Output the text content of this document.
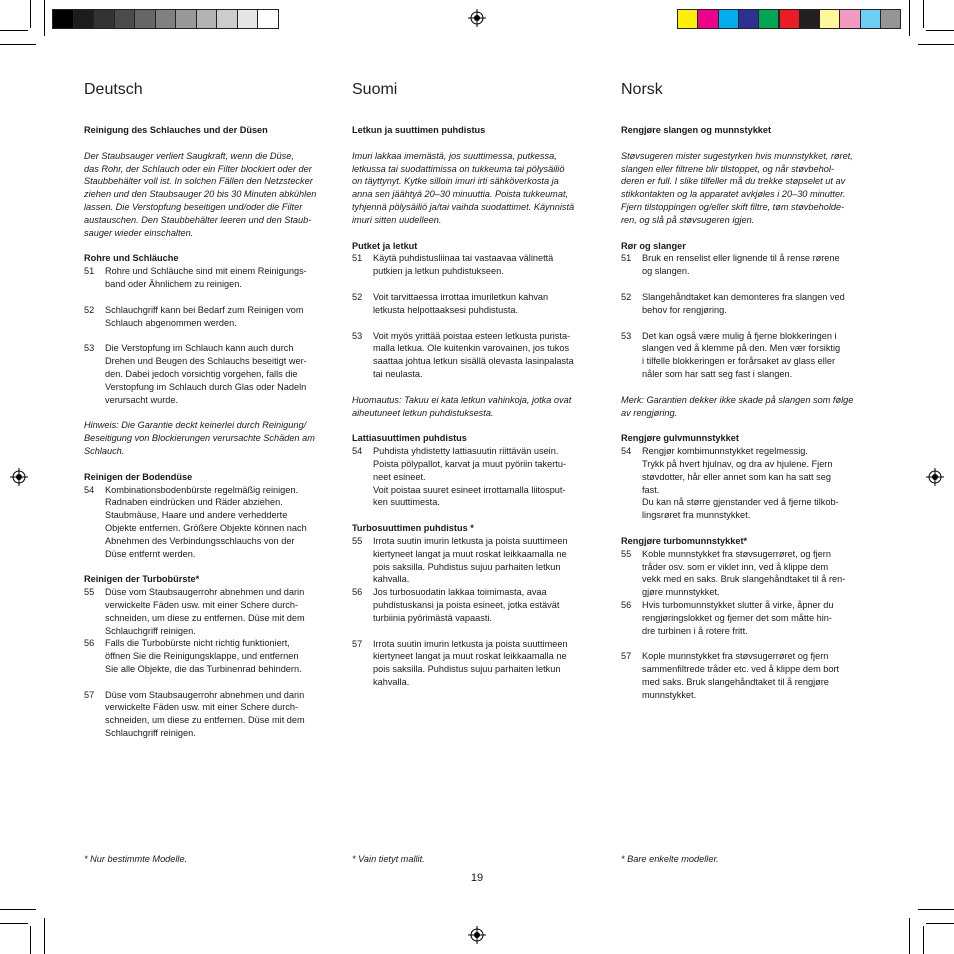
Deutsch

Reinigung des Schlauches und der Düsen

Der Staubsauger verliert Saugkraft, wenn die Düse,
das Rohr, der Schlauch oder ein Filter blockiert oder der
Staubbehälter voll ist. In solchen Fällen den Netzstecker
ziehen und den Staubsauger 20 bis 30 Minuten abkühlen
lassen. Die Verstopfung beseitigen und/oder die Filter
austauschen. Den Staubbehälter leeren und den Staub-
sauger wieder einschalten.

Rohre und Schläuche

51	Rohre und Schläuche sind mit einem Reinigungs-
band oder Ähnlichem zu reinigen.
52	Schlauchgriff kann bei Bedarf zum Reinigen vom
Schlauch abgenommen werden.
53	Die Verstopfung im Schlauch kann auch durch
Drehen und Beugen des Schlauchs beseitigt wer-
den. Dabei jedoch vorsichtig vorgehen, falls die
Verstopfung im Schlauch durch Glas oder Nadeln
verursacht wurde.
Hinweis: Die Garantie deckt keinerlei durch Reinigung/
Beseitigung von Blockierungen verursachte Schäden am
Schlauch.

Reinigen der Bodendüse

54	Kombinationsbodenbürste regelmäßig reinigen.
Radnaben eindrücken und Räder abziehen.
Staubmäuse, Haare und andere verhedderte
Objekte entfernen. Größere Objekte können nach
Abnehmen des Verbindungsschlauchs von der
Düse entfernt werden.

Reinigen der Turbobürste*

55	Düse vom Staubsaugerrohr abnehmen und darin
verwickelte Fäden usw. mit einer Schere durch-
schneiden, um diese zu entfernen. Düse mit dem
Schlauchgriff reinigen.
56	Falls die Turbobürste nicht richtig funktioniert,
öffnen Sie die Reinigungsklappe, und entfernen
Sie alle Objekte, die das Turbinenrad behindern.
57	Düse vom Staubsaugerrohr abnehmen und darin
verwickelte Fäden usw. mit einer Schere durch-
schneiden, um diese zu entfernen. Düse mit dem
Schlauchgriff reinigen.
Suomi

Letkun ja suuttimen puhdistus

Imuri lakkaa imemästä, jos suuttimessa, putkessa,
letkussa tai suodattimissa on tukkeuma tai pölysäiliö
on täyttynyt. Kytke silloin imuri irti sähköverkosta ja
anna sen jäähtyä 20–30 minuuttia. Poista tukkeumat,
tyhjennä pölysäiliö ja/tai vaihda suodattimet. Käynnistä
imuri sitten uudelleen.

Putket ja letkut

51	Käytä puhdistusliinaa tai vastaavaa välinettä
putkien ja letkun puhdistukseen.
52	Voit tarvittaessa irrottaa imuriletkun kahvan
letkusta helpottaaksesi puhdistusta.
53	Voit myös yrittää poistaa esteen letkusta purista-
malla letkua. Ole kuitenkin varovainen, jos tukos
saattaa johtua letkun sisällä olevasta lasinpalasta
tai neulasta.
Huomautus: Takuu ei kata letkun vahinkoja, jotka ovat
aiheutuneet letkun puhdistuksesta.

Lattiasuuttimen puhdistus

54	Puhdista yhdistetty lattiasuutin riittävän usein.
Poista pölypallot, karvat ja muut pyöriin takertu-
neet esineet.
Voit poistaa suuret esineet irrottamalla liitosput-
ken suuttimesta.

Turbosuuttimen puhdistus *

55	Irrota suutin imurin letkusta ja poista suuttimeen
kiertyneet langat ja muut roskat leikkaamalla ne
pois saksilla. Puhdistus sujuu parhaiten letkun
kahvalla.
56	Jos turbosuodatin lakkaa toimimasta, avaa
puhdistuskansi ja poista esineet, jotka estävät
turbiinia pyörimästä vapaasti.
57	Irrota suutin imurin letkusta ja poista suuttimeen
kiertyneet langat ja muut roskat leikkaamalla ne
pois saksilla. Puhdistus sujuu parhaiten letkun
kahvalla.
Norsk

Rengjøre slangen og munnstykket

Støvsugeren mister sugestyrken hvis munnstykket, røret,
slangen eller filtrene blir tilstoppet, og når støvbehol-
deren er full. I slike tilfeller må du trekke støpselet ut av
stikkontakten og la apparatet avkjøles i 20–30 minutter.
Fjern tilstoppingen og/eller skift filtre, tøm støvbeholde-
ren, og slå på støvsugeren igjen.

Rør og slanger

51	Bruk en renselist eller lignende til å rense rørene
og slangen.
52	Slangehåndtaket kan demonteres fra slangen ved
behov for rengjøring.
53	Det kan også være mulig å fjerne blokkeringen i
slangen ved å klemme på den. Men vær forsiktig
i tilfelle blokkeringen er forårsaket av glass eller
nåler som har satt seg fast i slangen.
Merk: Garantien dekker ikke skade på slangen som følge
av rengjøring.

Rengjøre gulvmunnstykket

54	Rengjør kombimunnstykket regelmessig.
Trykk på hvert hjulnav, og dra av hjulene. Fjern
støvdotter, hår eller annet som kan ha satt seg
fast.
Du kan nå større gjenstander ved å fjerne tilkob-
lingsrøret fra munnstykket.

Rengjøre turbomunnstykket*

55	Koble munnstykket fra støvsugerrøret, og fjern
tråder osv. som er viklet inn, ved å klippe dem
vekk med en saks. Bruk slangehåndtaket til å ren-
gjøre munnstykket.
56	Hvis turbomunnstykket slutter å virke, åpner du
rengjøringslokket og fjerner det som måtte hin-
dre turbinen i å rotere fritt.
57	Kople munnstykket fra støvsugerrøret og fjern
sammenfiltrede tråder etc. ved å klippe dem bort
med saks. Bruk slangehåndtaket til å rengjøre
munnstykket.
* Nur bestimmte Modelle.	* Vain tietyt mallit.	* Bare enkelte modeller.
19
